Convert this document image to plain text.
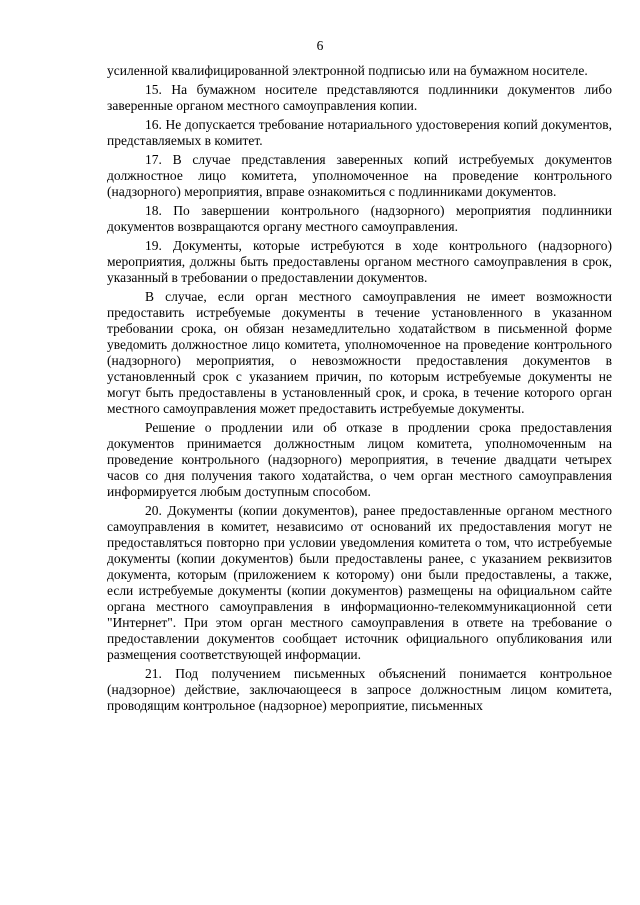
6

усиленной квалифицированной электронной подписью или на бумажном носителе.

15. На бумажном носителе представляются подлинники документов либо заверенные органом местного самоуправления копии.

16. Не допускается требование нотариального удостоверения копий документов, представляемых в комитет.

17. В случае представления заверенных копий истребуемых документов должностное лицо комитета, уполномоченное на проведение контрольного (надзорного) мероприятия, вправе ознакомиться с подлинниками документов.

18. По завершении контрольного (надзорного) мероприятия подлинники документов возвращаются органу местного самоуправления.

19. Документы, которые истребуются в ходе контрольного (надзорного) мероприятия, должны быть предоставлены органом местного самоуправления в срок, указанный в требовании о предоставлении документов.

В случае, если орган местного самоуправления не имеет возможности предоставить истребуемые документы в течение установленного в указанном требовании срока, он обязан незамедлительно ходатайством в письменной форме уведомить должностное лицо комитета, уполномоченное на проведение контрольного (надзорного) мероприятия, о невозможности предоставления документов в установленный срок с указанием причин, по которым истребуемые документы не могут быть предоставлены в установленный срок, и срока, в течение которого орган местного самоуправления может предоставить истребуемые документы.

Решение о продлении или об отказе в продлении срока предоставления документов принимается должностным лицом комитета, уполномоченным на проведение контрольного (надзорного) мероприятия, в течение двадцати четырех часов со дня получения такого ходатайства, о чем орган местного самоуправления информируется любым доступным способом.

20. Документы (копии документов), ранее предоставленные органом местного самоуправления в комитет, независимо от оснований их предоставления могут не предоставляться повторно при условии уведомления комитета о том, что истребуемые документы (копии документов) были предоставлены ранее, с указанием реквизитов документа, которым (приложением к которому) они были предоставлены, а также, если истребуемые документы (копии документов) размещены на официальном сайте органа местного самоуправления в информационно-телекоммуникационной сети "Интернет". При этом орган местного самоуправления в ответе на требование о предоставлении документов сообщает источник официального опубликования или размещения соответствующей информации.

21. Под получением письменных объяснений понимается контрольное (надзорное) действие, заключающееся в запросе должностным лицом комитета, проводящим контрольное (надзорное) мероприятие, письменных
